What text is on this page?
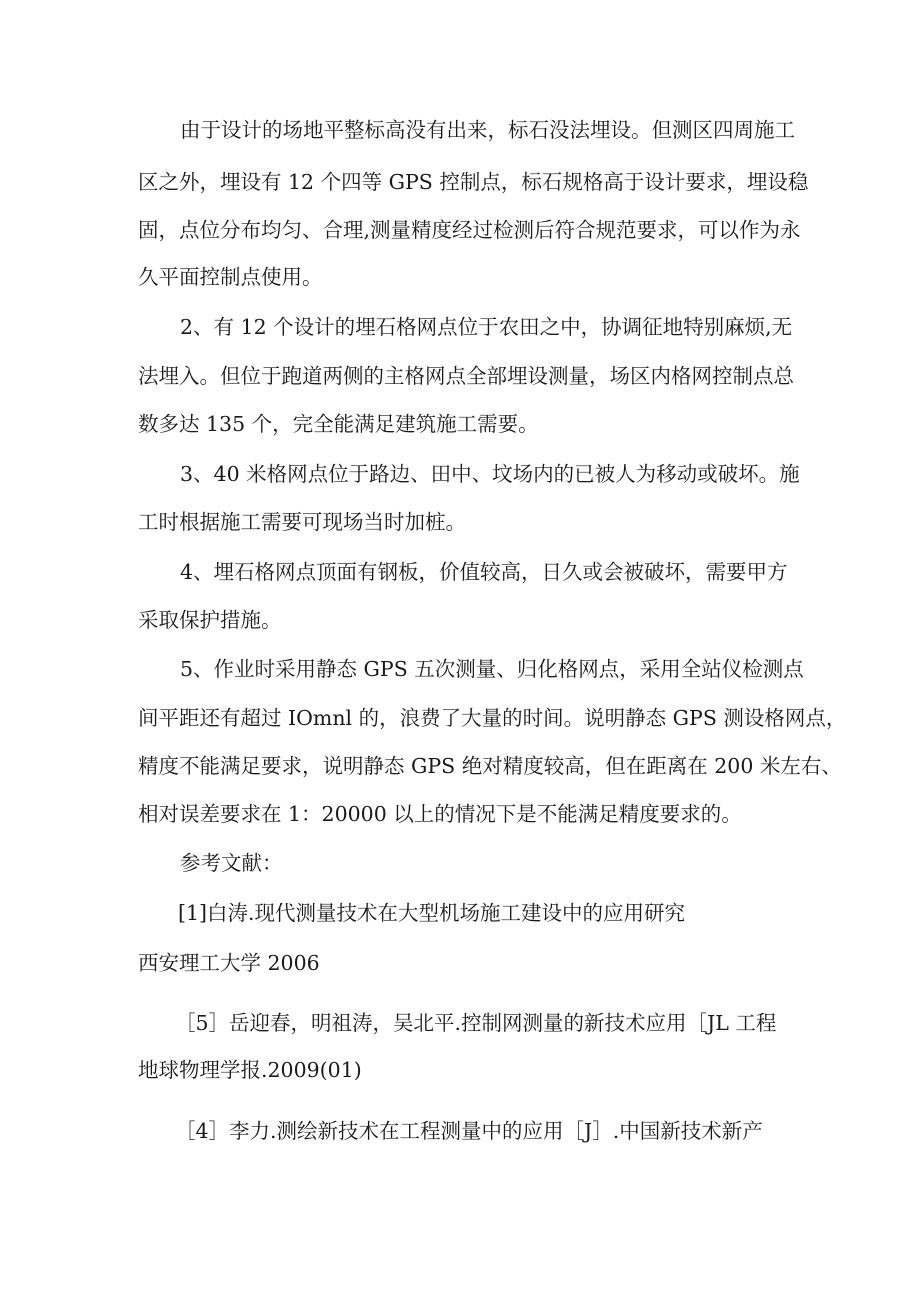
由于设计的场地平整标高没有出来，标石没法埋设。但测区四周施工
区之外，埋设有 12 个四等 GPS 控制点，标石规格高于设计要求，埋设稳
固，点位分布均匀、合理,测量精度经过检测后符合规范要求，可以作为永
久平面控制点使用。
2、有 12 个设计的埋石格网点位于农田之中，协调征地特别麻烦,无
法埋入。但位于跑道两侧的主格网点全部埋设测量，场区内格网控制点总
数多达 135 个，完全能满足建筑施工需要。
3、40 米格网点位于路边、田中、坟场内的已被人为移动或破坏。施
工时根据施工需要可现场当时加桩。
4、埋石格网点顶面有钢板，价值较高，日久或会被破坏，需要甲方
采取保护措施。
5、作业时采用静态 GPS 五次测量、归化格网点，采用全站仪检测点
间平距还有超过 IOmnl 的，浪费了大量的时间。说明静态 GPS 测设格网点，
精度不能满足要求，说明静态 GPS 绝对精度较高，但在距离在 200 米左右、
相对误差要求在 1：20000 以上的情况下是不能满足精度要求的。
参考文献：
[1]白涛.现代测量技术在大型机场施工建设中的应用研究
西安理工大学 2006
［5］岳迎春，明祖涛，吴北平.控制网测量的新技术应用［JL 工程
地球物理学报.2009(01)
［4］李力.测绘新技术在工程测量中的应用［J］.中国新技术新产
